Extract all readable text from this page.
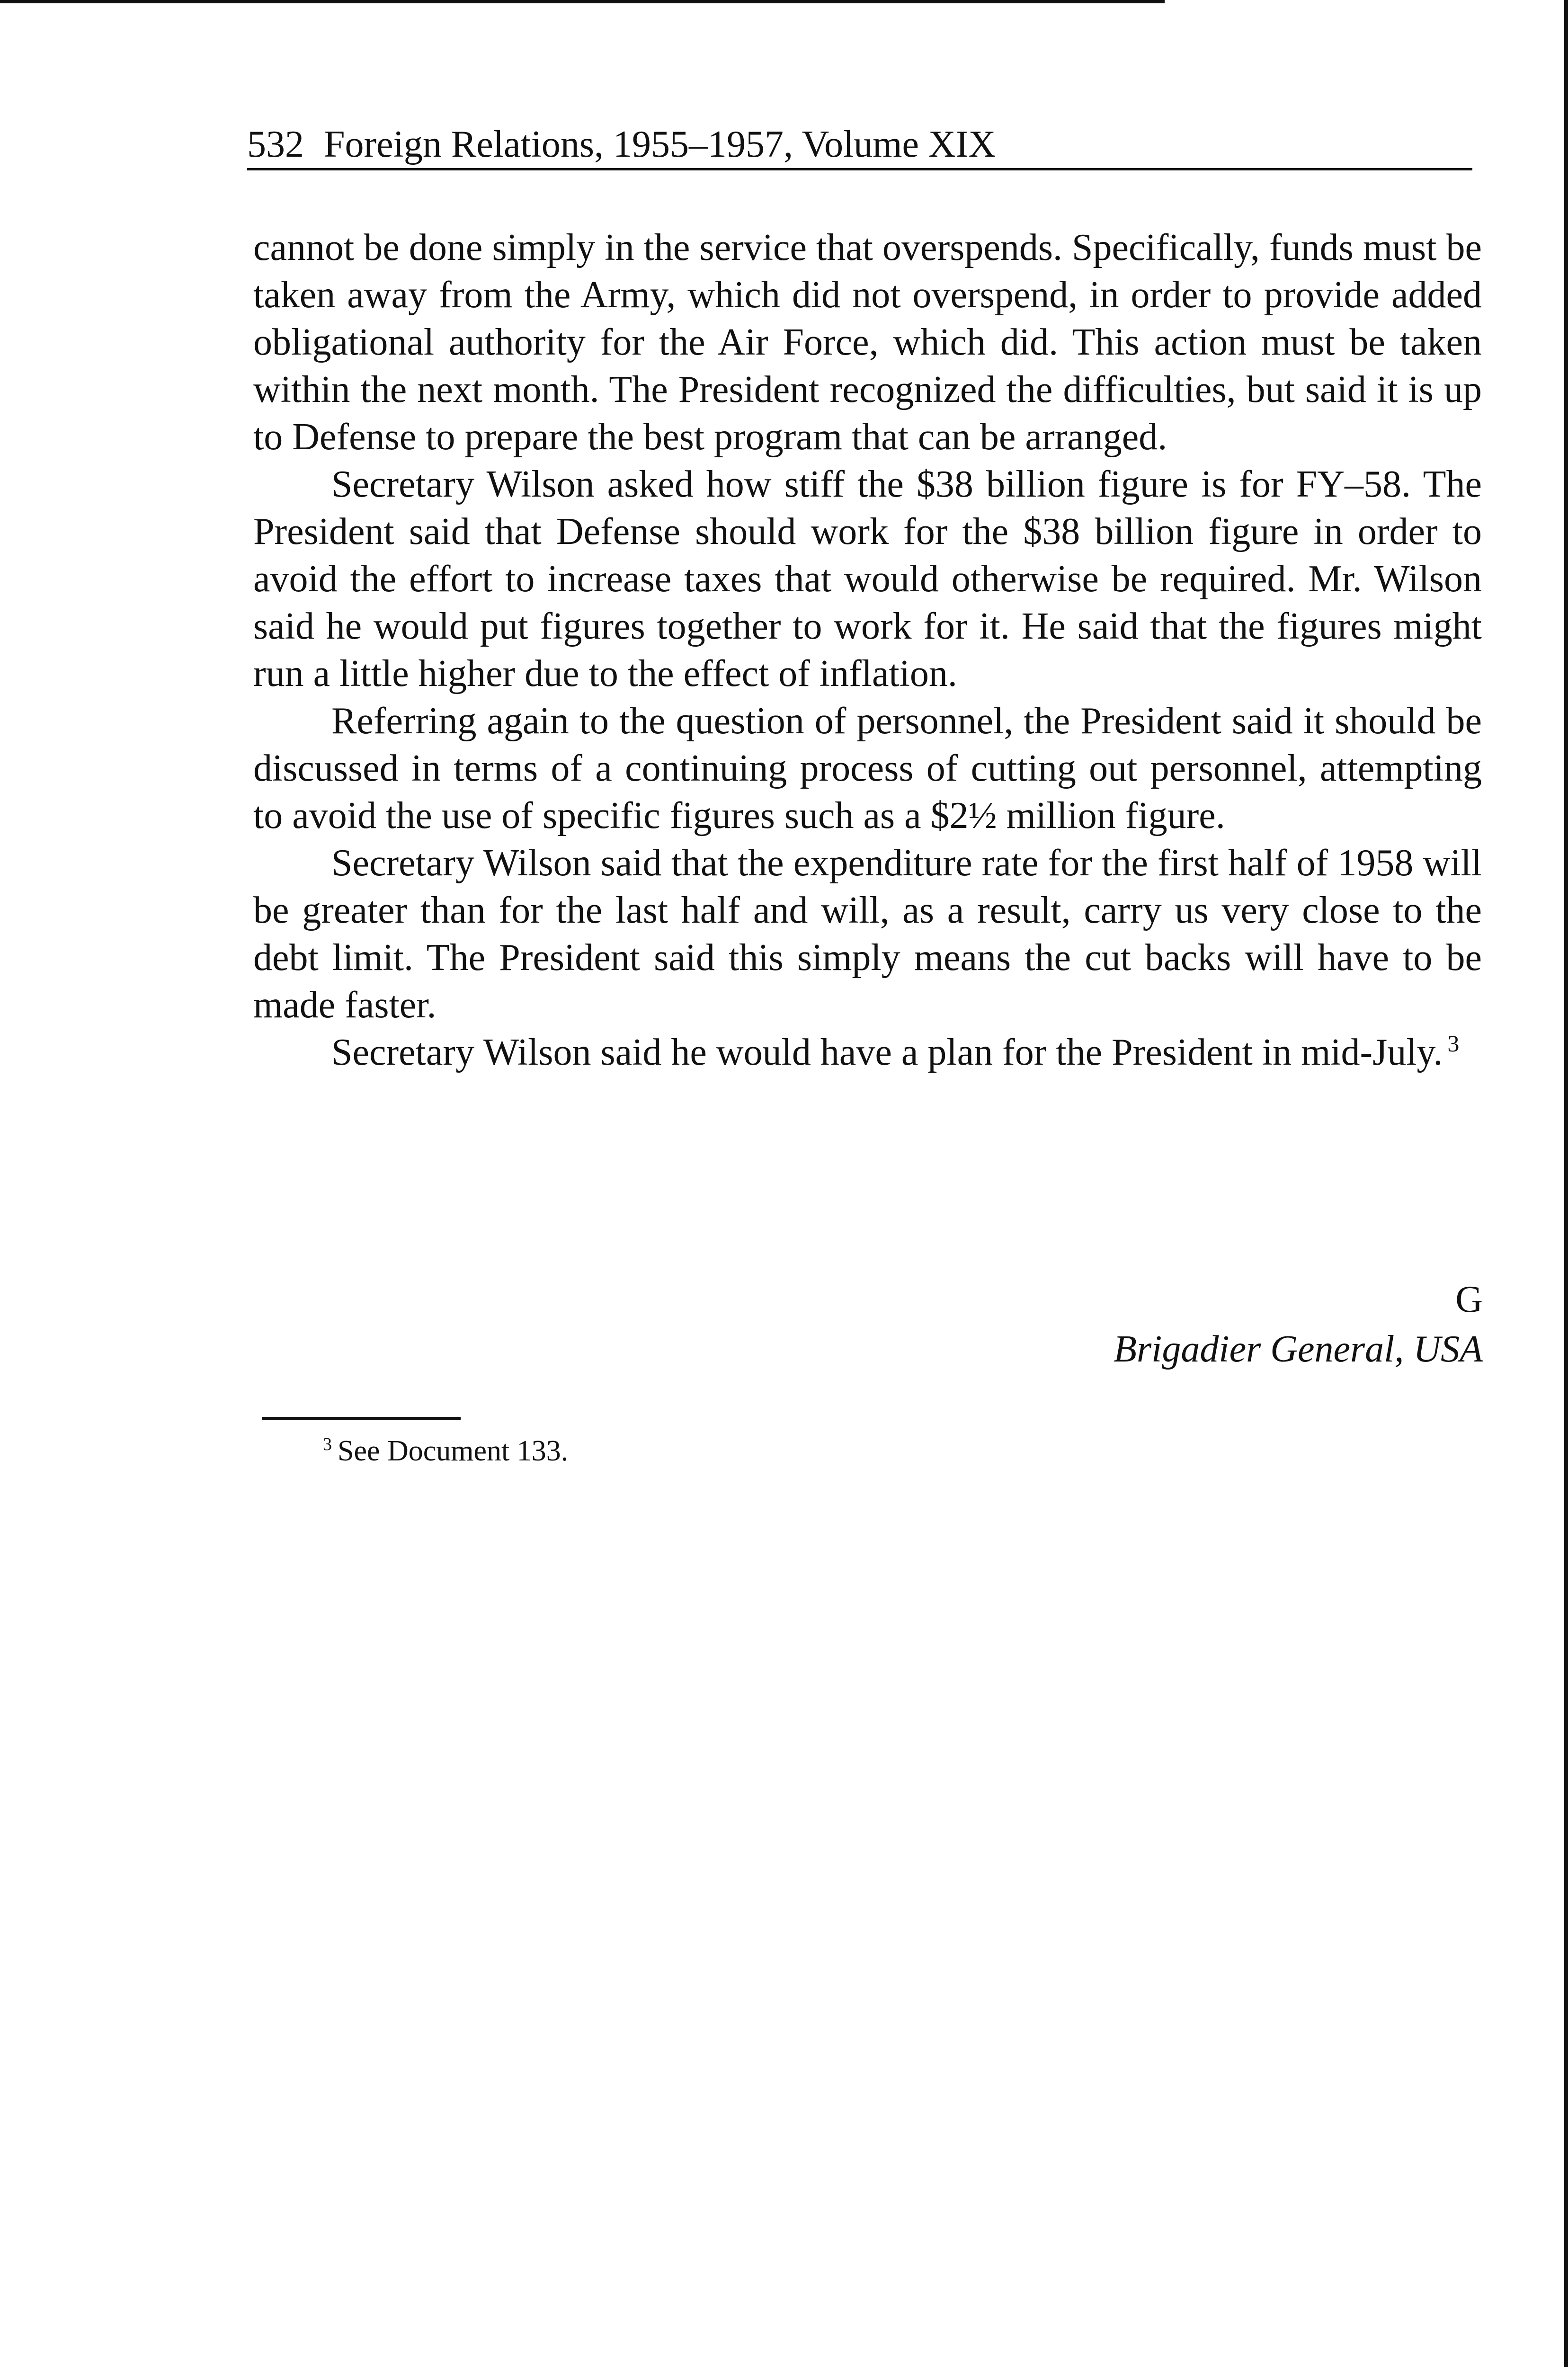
532 Foreign Relations, 1955–1957, Volume XIX

cannot be done simply in the service that overspends. Specifically, funds must be taken away from the Army, which did not overspend, in order to provide added obligational authority for the Air Force, which did. This action must be taken within the next month. The President recognized the difficulties, but said it is up to Defense to prepare the best program that can be arranged.

Secretary Wilson asked how stiff the $38 billion figure is for FY–58. The President said that Defense should work for the $38 billion figure in order to avoid the effort to increase taxes that would otherwise be required. Mr. Wilson said he would put figures together to work for it. He said that the figures might run a little higher due to the effect of inflation.

Referring again to the question of personnel, the President said it should be discussed in terms of a continuing process of cutting out personnel, attempting to avoid the use of specific figures such as a $2½ million figure.

Secretary Wilson said that the expenditure rate for the first half of 1958 will be greater than for the last half and will, as a result, carry us very close to the debt limit. The President said this simply means the cut backs will have to be made faster.

Secretary Wilson said he would have a plan for the President in mid-July. $^3$

G
Brigadier General, USA
$^3$ See Document 133.
